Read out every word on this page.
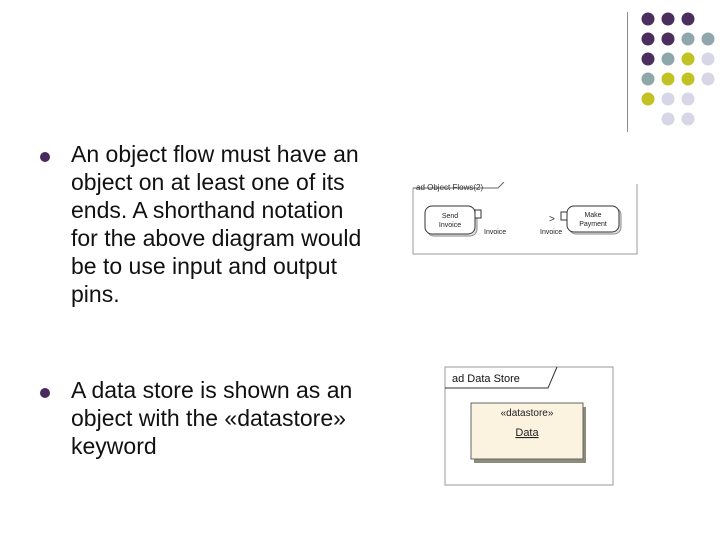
An object flow must have an object on at least one of its ends. A shorthand notation for the above diagram would be to use input and output pins.
A data store is shown as an object with the «datastore» keyword
ad Object Flows(2)
Send
Invoice
Invoice
>
Invoice
Make
Payment
ad Data Store
«datastore»
Data
